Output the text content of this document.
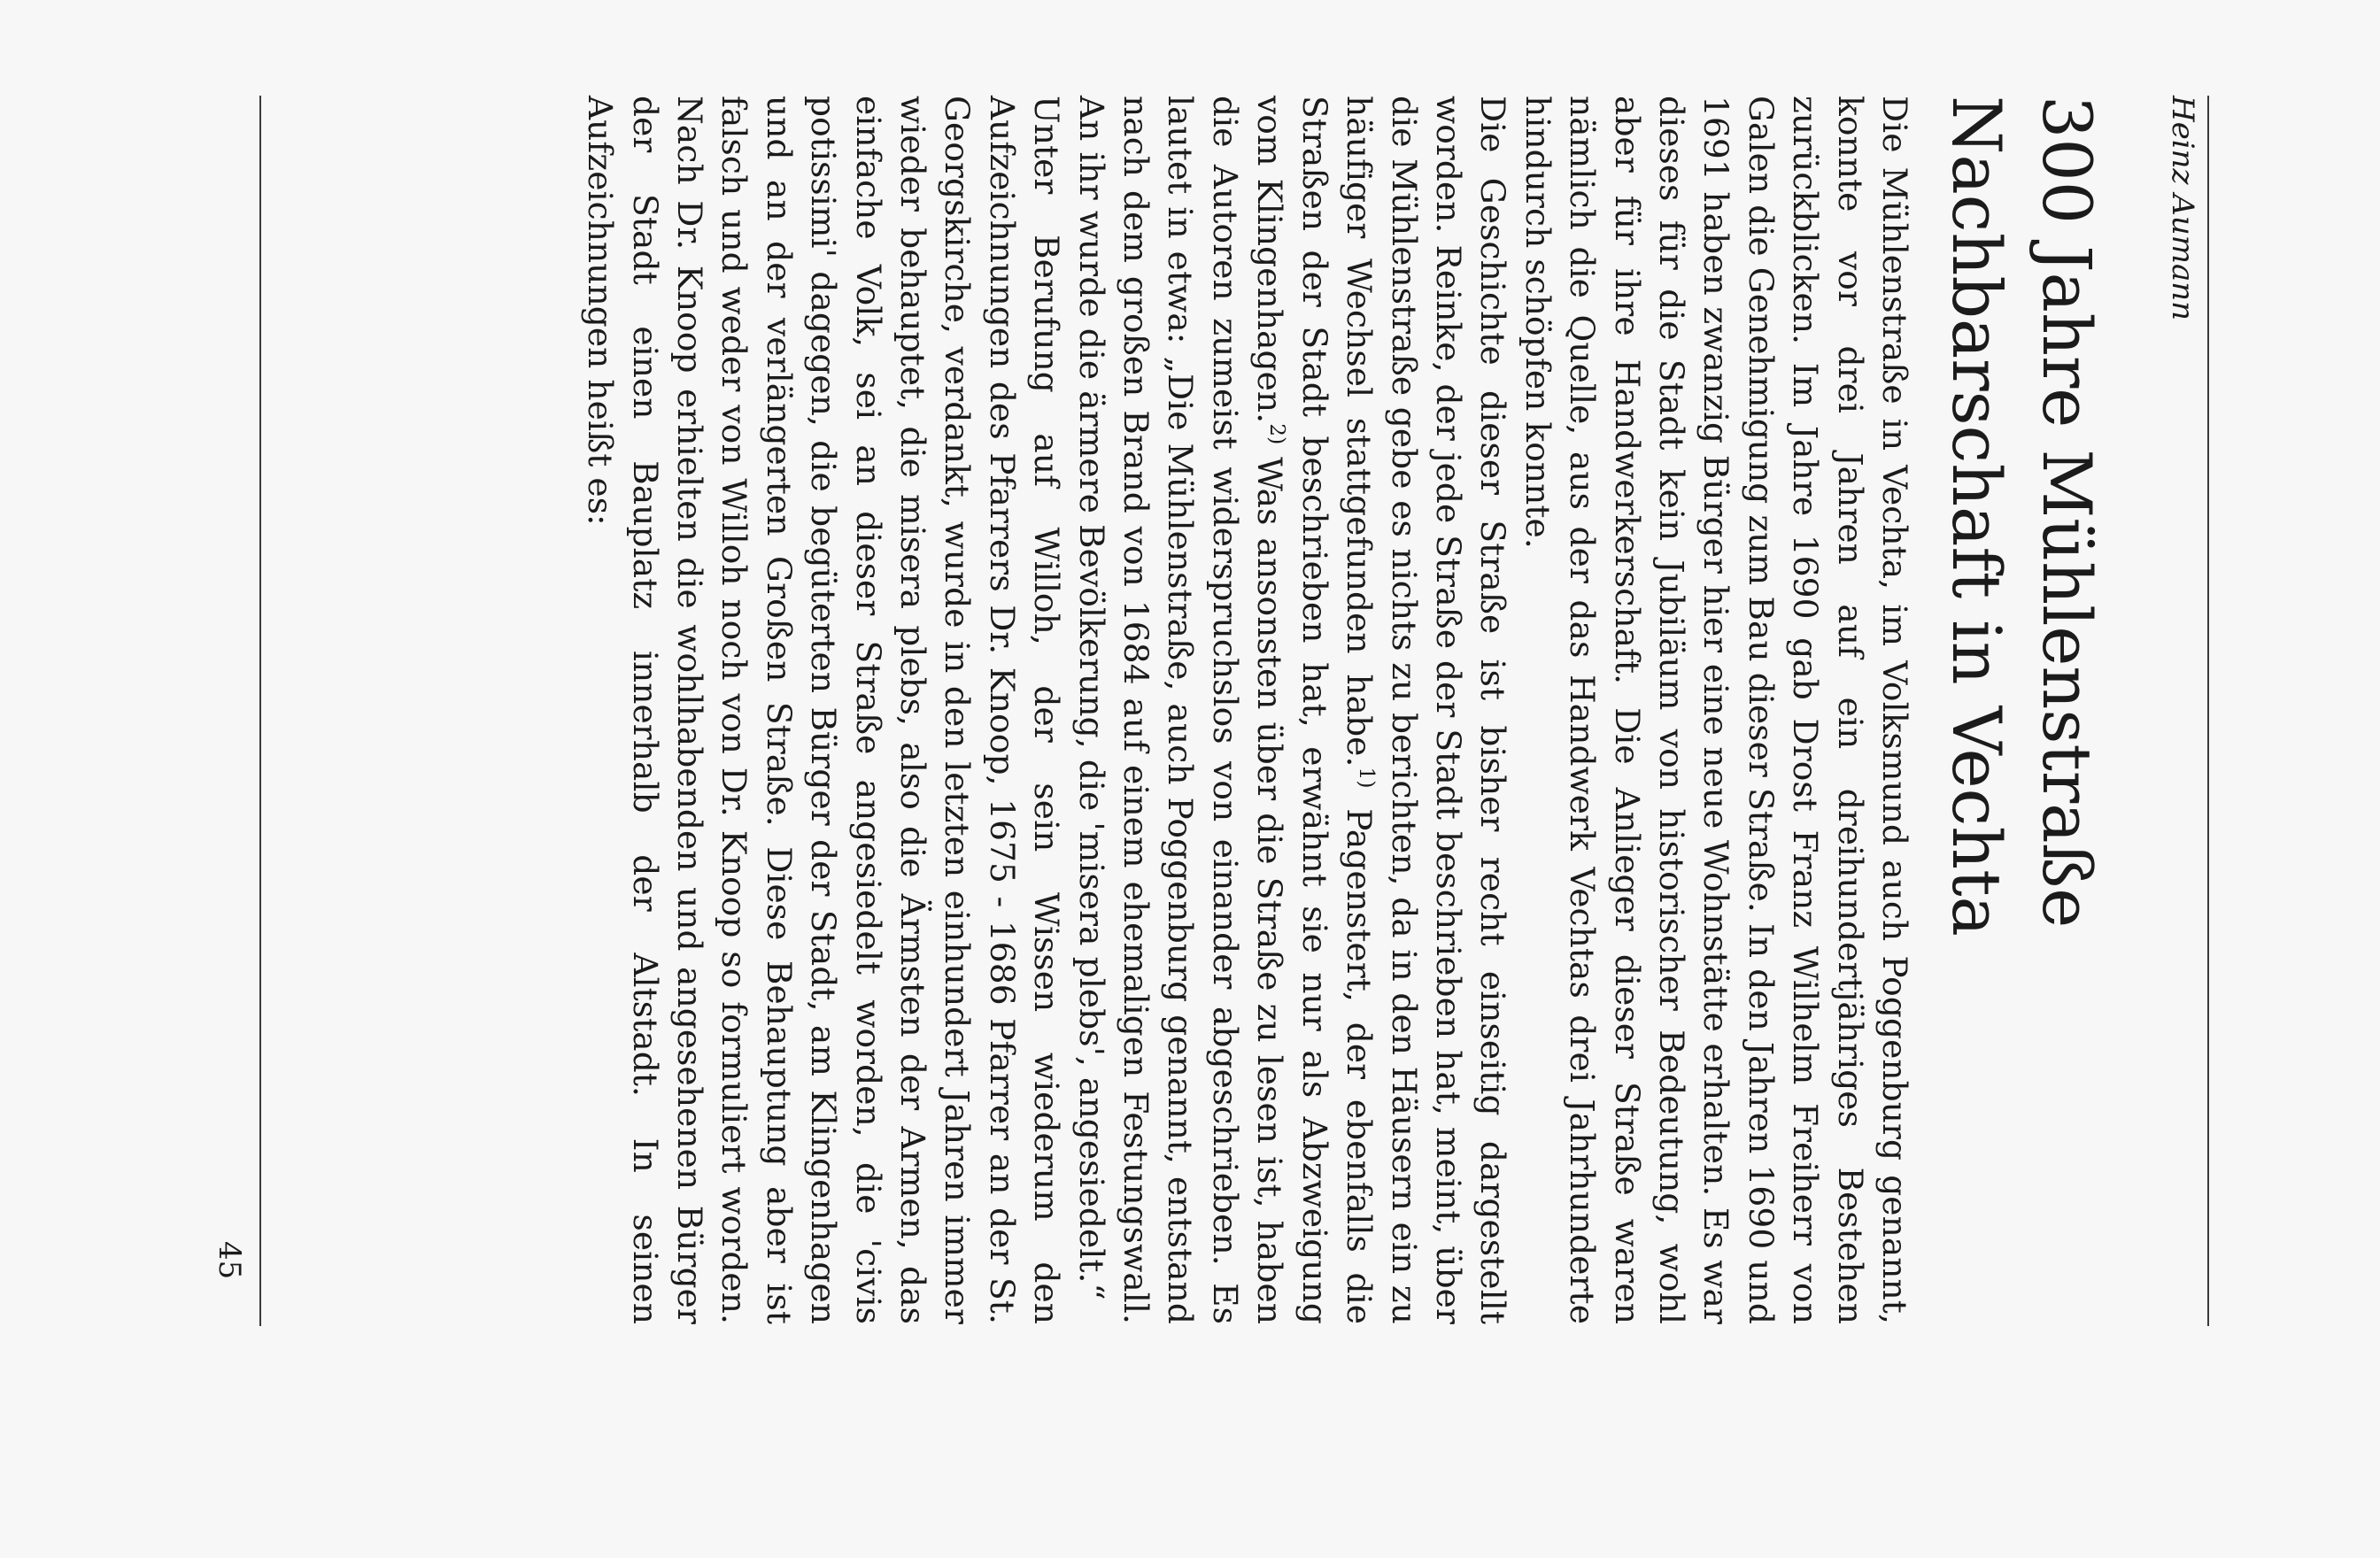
Heinz Aumann
300 Jahre Mühlenstraße
Nachbarschaft in Vechta

Die Mühlenstraße in Vechta, im Volksmund auch Poggenburg genannt, konnte vor drei Jahren auf ein dreihundertjähriges Bestehen zurückblicken. Im Jahre 1690 gab Drost Franz Wilhelm Freiherr von Galen die Genehmigung zum Bau dieser Straße. In den Jahren 1690 und 1691 haben zwanzig Bürger hier eine neue Wohnstätte erhalten. Es war dieses für die Stadt kein Jubiläum von historischer Bedeutung, wohl aber für ihre Handwerkerschaft. Die Anlieger dieser Straße waren nämlich die Quelle, aus der das Handwerk Vechtas drei Jahrhunderte hindurch schöpfen konnte.

Die Geschichte dieser Straße ist bisher recht einseitig dargestellt worden. Reinke, der jede Straße der Stadt beschrieben hat, meint, über die Mühlenstraße gebe es nichts zu berichten, da in den Häusern ein zu häufiger Wechsel stattgefunden habe.$^{1)}$ Pagenstert, der ebenfalls die Straßen der Stadt beschrieben hat, erwähnt sie nur als Abzweigung vom Klingenhagen.$^{2)}$ Was ansonsten über die Straße zu lesen ist, haben die Autoren zumeist widerspruchslos von einander abgeschrieben. Es lautet in etwa: „Die Mühlenstraße, auch Poggenburg genannt, entstand nach dem großen Brand von 1684 auf einem ehemaligen Festungswall. An ihr wurde die ärmere Bevölkerung, die 'misera plebs', angesiedelt.“

Unter Berufung auf Willoh, der sein Wissen wiederum den Aufzeichnungen des Pfarrers Dr. Knoop, 1675 - 1686 Pfarrer an der St. Georgskirche, verdankt, wurde in den letzten einhundert Jahren immer wieder behauptet, die misera plebs, also die Ärmsten der Armen, das einfache Volk, sei an dieser Straße angesiedelt worden, die 'civis potissimi' dagegen, die begüterten Bürger der Stadt, am Klingenhagen und an der verlängerten Großen Straße. Diese Behauptung aber ist falsch und weder von Willoh noch von Dr. Knoop so formuliert worden. Nach Dr. Knoop erhielten die wohlhabenden und angesehenen Bürger der Stadt einen Bauplatz innerhalb der Altstadt. In seinen Aufzeichnungen heißt es:

45
